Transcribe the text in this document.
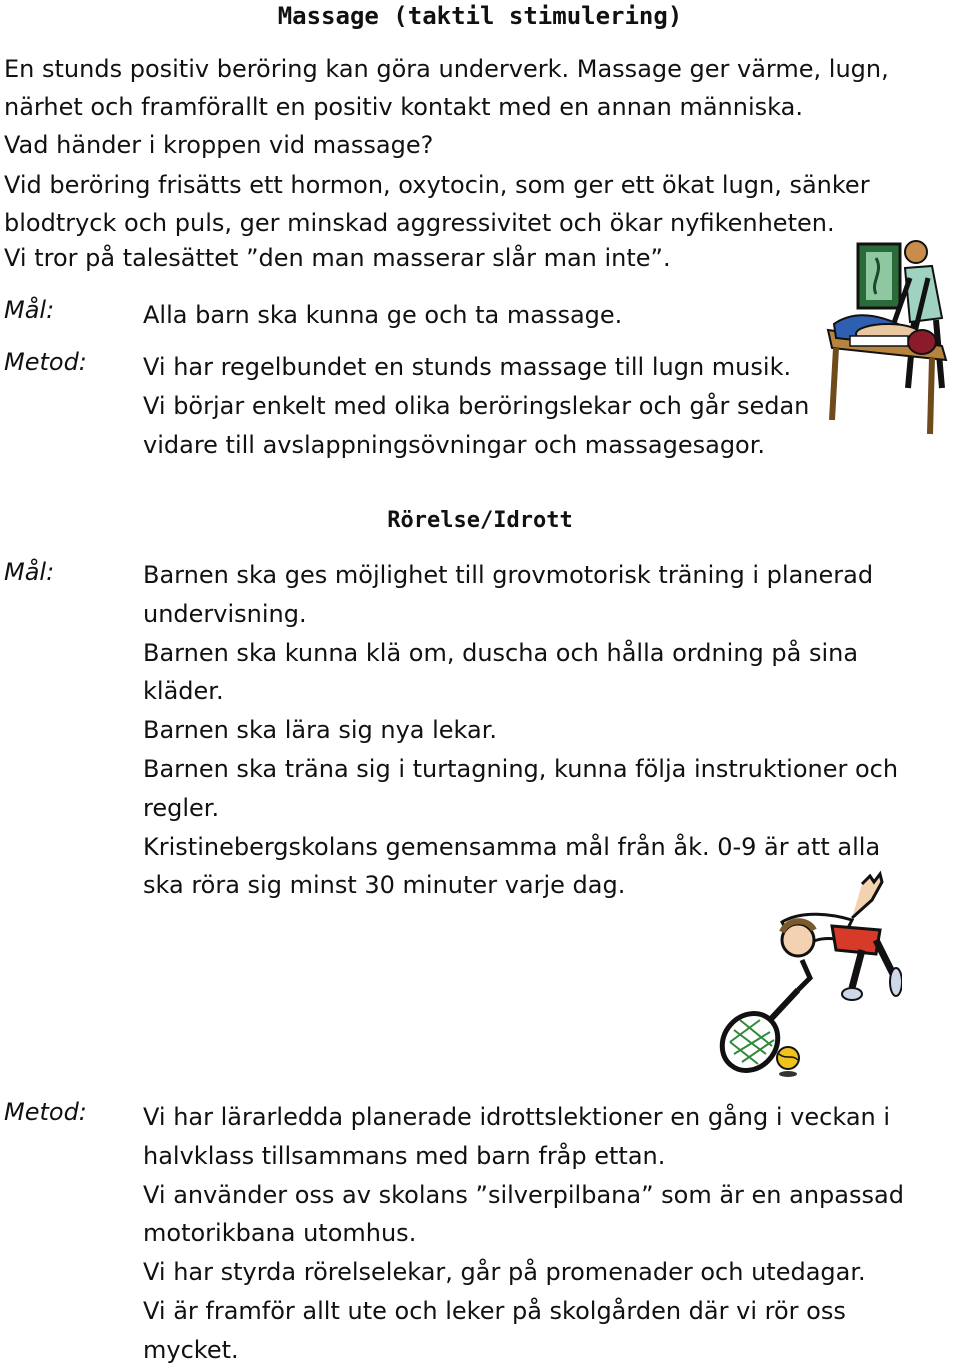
Massage (taktil stimulering)
En stunds positiv beröring kan göra underverk. Massage ger värme, lugn,
närhet och framförallt en positiv kontakt med en annan människa.
Vad händer i kroppen vid massage?
Vid beröring frisätts ett hormon, oxytocin, som ger ett ökat lugn, sänker
blodtryck och puls, ger minskad aggressivitet och ökar nyfikenheten.
Vi tror på talesättet ”den man masserar slår man inte”.
Mål:	Alla barn ska kunna ge och ta massage.
Metod: Vi har regelbundet en stunds massage till lugn musik.
Vi börjar enkelt med olika beröringslekar och går sedan
vidare till avslappningsövningar och massagesagor.
Rörelse/Idrott
Mål:	Barnen ska ges möjlighet till grovmotorisk träning i planerad
undervisning.
Barnen ska kunna klä om, duscha och hålla ordning på sina
kläder.
Barnen ska lära sig nya lekar.
Barnen ska träna sig i turtagning, kunna följa instruktioner och
regler.
Kristinebergskolans gemensamma mål från åk. 0-9 är att alla
ska röra sig minst 30 minuter varje dag.
Metod: Vi har lärarledda planerade idrottslektioner en gång i veckan i
halvklass tillsammans med barn fråp ettan.
Vi använder oss av skolans ”silverpilbana” som är en anpassad
motorikbana utomhus.
Vi har styrda rörelselekar, går på promenader och utedagar.
Vi är framför allt ute och leker på skolgården där vi rör oss
mycket.
